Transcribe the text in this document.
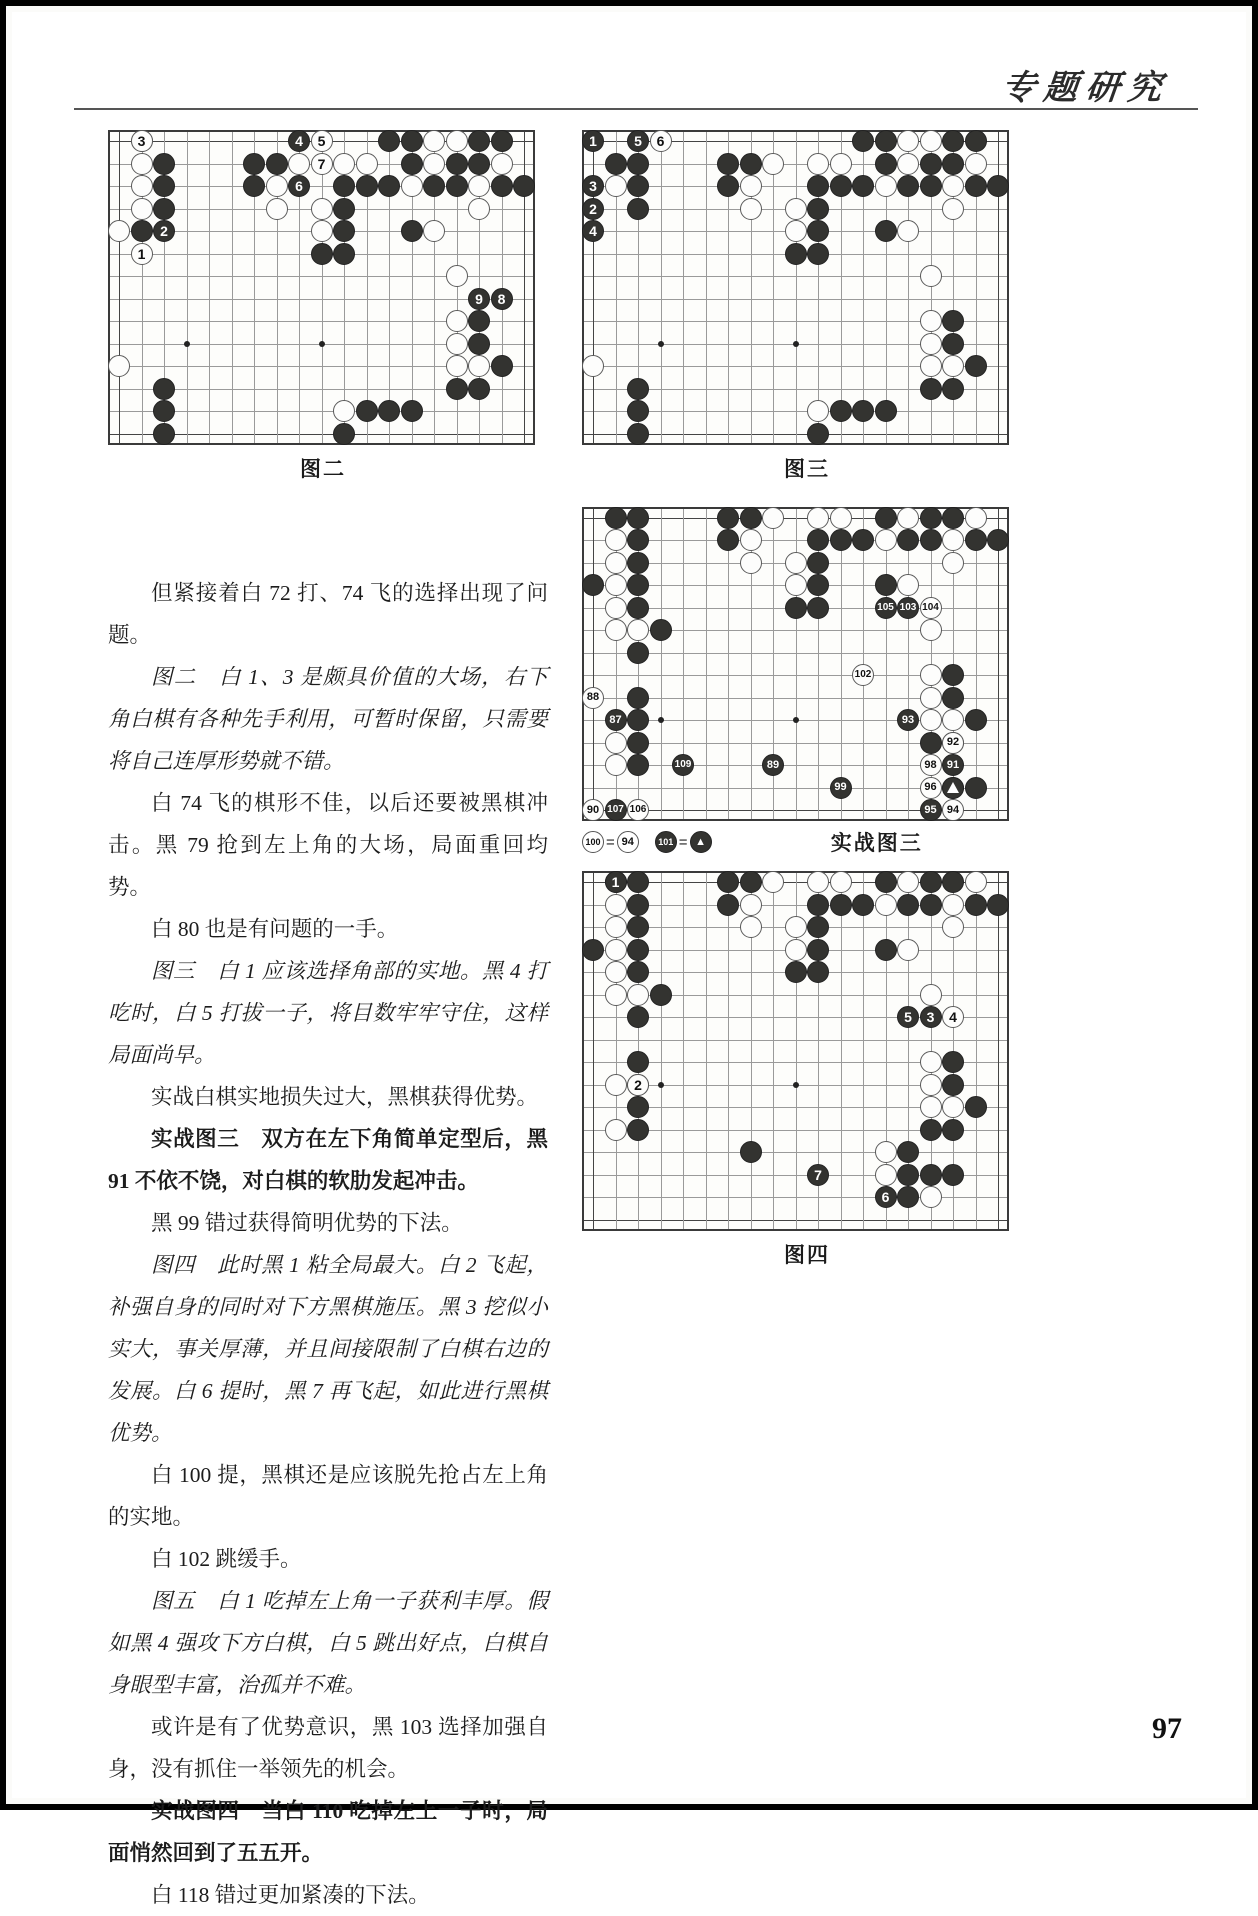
专题研究
3
2
1
4 5
7
6
9 8
图二

但紧接着白 72 打、74 飞的选择出现了问题。

图二　白 1、3 是颇具价值的大场，右下角白棋有各种先手利用，可暂时保留，只需要将自己连厚形势就不错。

白 74 飞的棋形不佳，以后还要被黑棋冲击。黑 79 抢到左上角的大场，局面重回均势。

白 80 也是有问题的一手。

图三　白 1 应该选择角部的实地。黑 4 打吃时，白 5 打拔一子，将目数牢牢守住，这样局面尚早。

实战白棋实地损失过大，黑棋获得优势。

实战图三　双方在左下角简单定型后，黑 91 不依不饶，对白棋的软肋发起冲击。

黑 99 错过获得简明优势的下法。

图四　此时黑 1 粘全局最大。白 2 飞起，补强自身的同时对下方黑棋施压。黑 3 挖似小实大，事关厚薄，并且间接限制了白棋右边的发展。白 6 提时，黑 7 再飞起，如此进行黑棋优势。

白 100 提，黑棋还是应该脱先抢占左上角的实地。

白 102 跳缓手。

图五　白 1 吃掉左上角一子获利丰厚。假如黑 4 强攻下方白棋，白 5 跳出好点，白棋自身眼型丰富，治孤并不难。

或许是有了优势意识，黑 103 选择加强自身，没有抓住一举领先的机会。

实战图四　当白 110 吃掉左上一子时，局面悄然回到了五五开。

白 118 错过更加紧凑的下法。

1	5 6
3
2
4
图三
105 103 104
102
88
87	93
92
89	98 91
109
99	96
90 107 106	95 94
100 = 94	101 = ▲	实战图三
1
5 3 4
2
7
6
图四
97
